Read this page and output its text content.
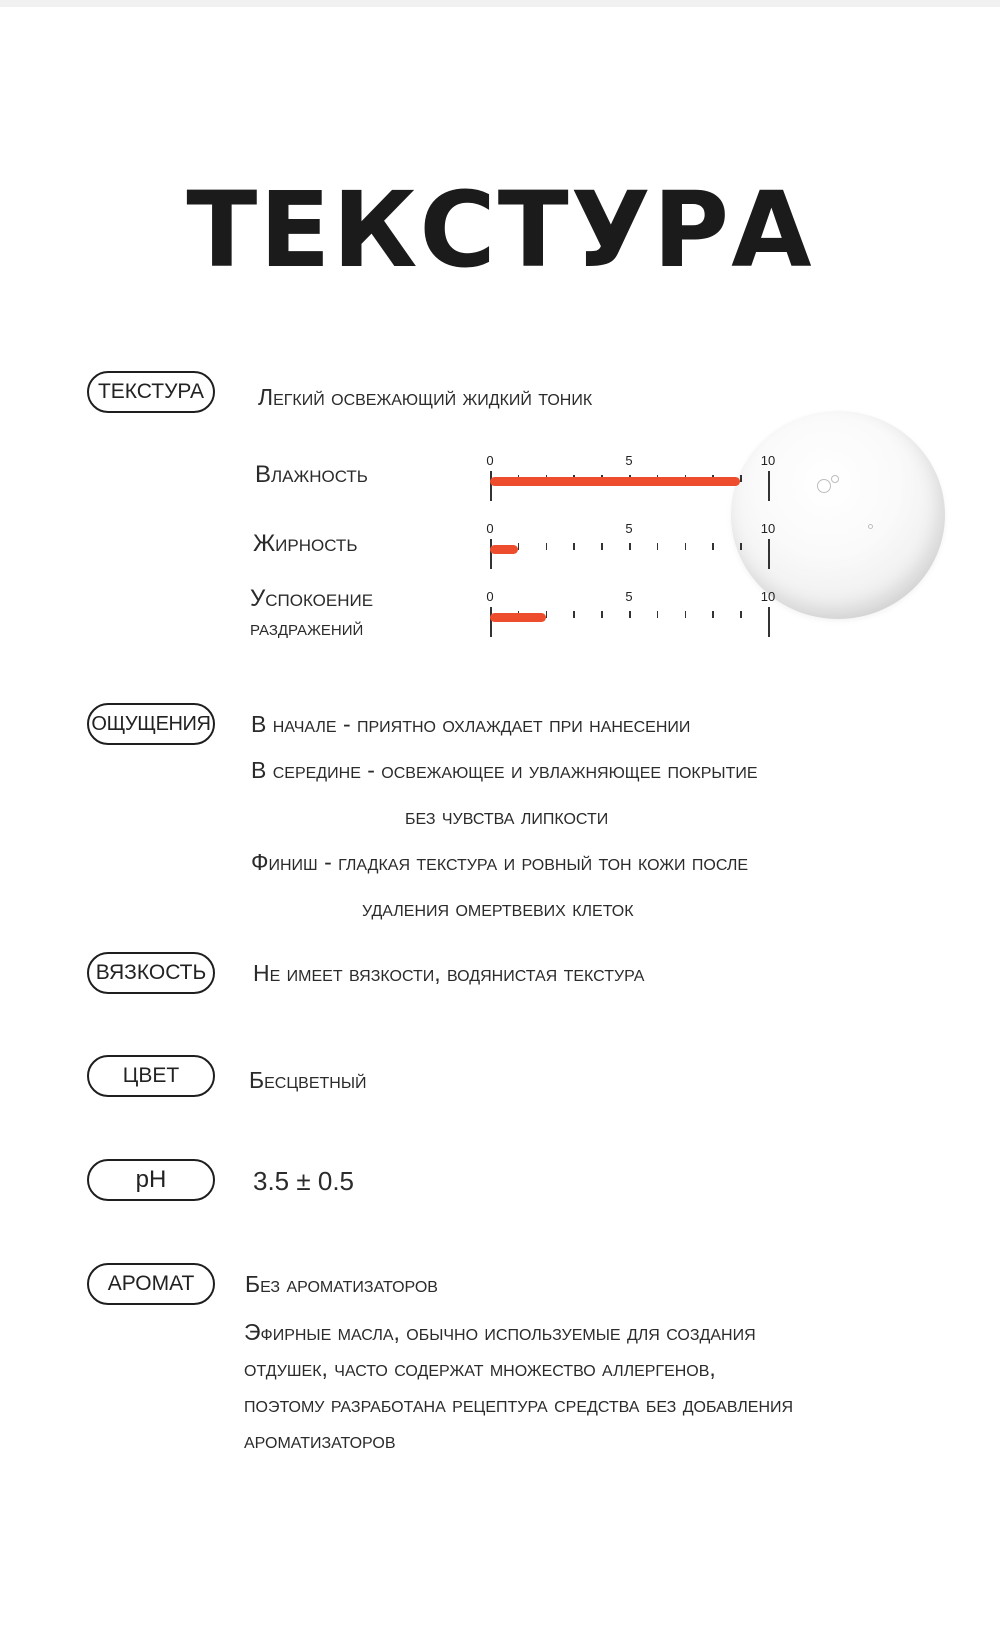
ТЕКСТУРА
ТЕКСТУРА	Легкий освежающий жидкий тоник
Влажность
0	5	10
Жирность
0	5	10
Успокоение
раздражений
0	5	10
ОЩУЩЕНИЯ В начале - приятно охлаждает при нанесении
В середине - освежающее и увлажняющее покрытие
без чувства липкости
Финиш - гладкая текстура и ровный тон кожи после
удаления омертвевих клеток
ВЯЗКОСТЬ	Не имеет вязкости, водянистая текстура
ЦВЕТ	Бесцветный
pH	3.5 ± 0.5
АРОМАТ	Без ароматизаторов
Эфирные масла, обычно используемые для создания
отдушек, часто содержат множество аллергенов,
поэтому разработана рецептура средства без добавления
ароматизаторов
